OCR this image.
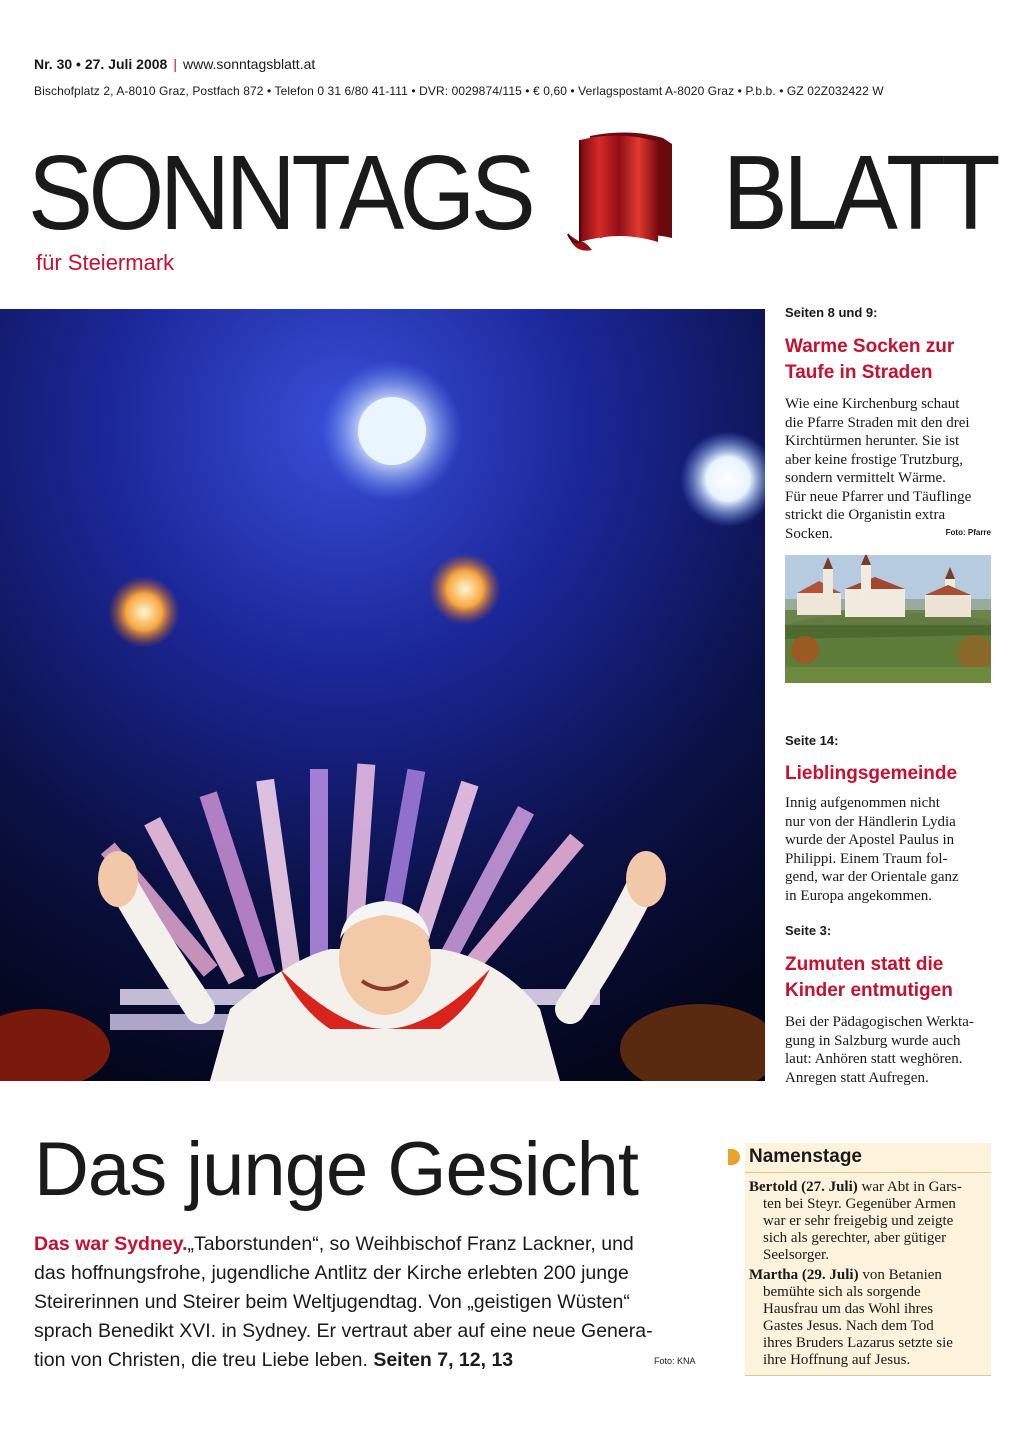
Nr. 30 • 27. Juli 2008 | www.sonntagsblatt.at
Bischofplatz 2, A-8010 Graz, Postfach 872 • Telefon 0 31 6/80 41-111 • DVR: 0029874/115 • € 0,60 • Verlagspostamt A-8020 Graz • P.b.b. • GZ 02Z032422 W
SONNTAGS BLATT
für Steiermark
Seiten 8 und 9:
Warme Socken zur
Taufe in Straden
Wie eine Kirchenburg schaut
die Pfarre Straden mit den drei
Kirchtürmen herunter. Sie ist
aber keine frostige Trutzburg,
sondern vermittelt Wärme.
Für neue Pfarrer und Täuflinge
strickt die Organistin extra
Socken.	Foto: Pfarre
Seite 14:
Lieblingsgemeinde
Innig aufgenommen nicht
nur von der Händlerin Lydia
wurde der Apostel Paulus in
Philippi. Einem Traum fol-
gend, war der Orientale ganz
in Europa angekommen.
Seite 3:
Zumuten statt die
Kinder entmutigen
Bei der Pädagogischen Werkta-
gung in Salzburg wurde auch
laut: Anhören statt weghören.
Anregen statt Aufregen.
Das junge Gesicht
Das war Sydney.„Taborstunden“, so Weihbischof Franz Lackner, und
das hoffnungsfrohe, jugendliche Antlitz der Kirche erlebten 200 junge
Steirerinnen und Steirer beim Weltjugendtag. Von „geistigen Wüsten“
sprach Benedikt XVI. in Sydney. Er vertraut aber auf eine neue Genera-
tion von Christen, die treu Liebe leben. Seiten 7, 12, 13	Foto: KNA
Namenstage
Bertold (27. Juli) war Abt in Gars-
ten bei Steyr. Gegenüber Armen
war er sehr freigebig und zeigte
sich als gerechter, aber gütiger
Seelsorger.
Martha (29. Juli) von Betanien
bemühte sich als sorgende
Hausfrau um das Wohl ihres
Gastes Jesus. Nach dem Tod
ihres Bruders Lazarus setzte sie
ihre Hoffnung auf Jesus.
